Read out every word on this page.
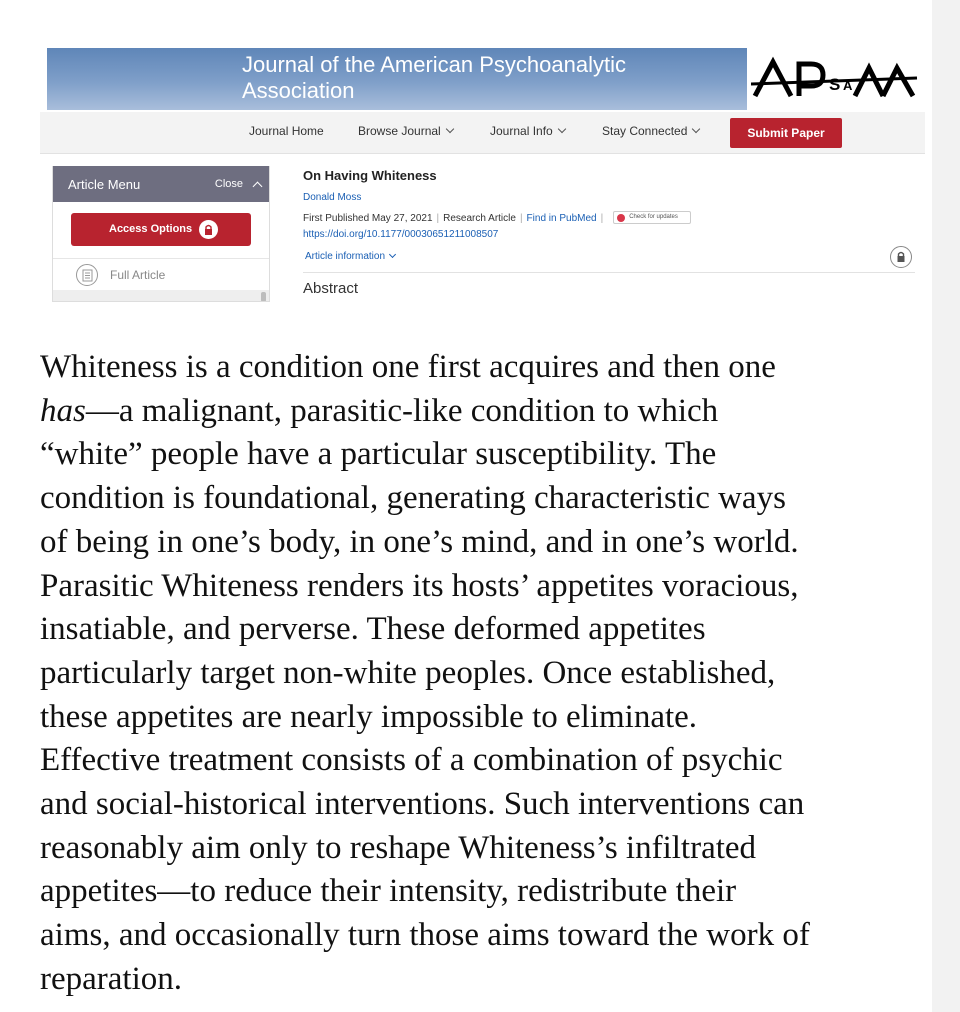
Journal of the American Psychoanalytic Association	S A
Journal Home	Browse Journal	Journal Info	Stay Connected	Submit Paper
Article Menu	Close
Access Options
Full Article
On Having Whiteness
Donald Moss
First Published May 27, 2021 | Research Article | Find in PubMed |	Check for updates
https://doi.org/10.1177/00030651211008507
Article information
Abstract

Whiteness is a condition one first acquires and then one

has—a malignant, parasitic-like condition to which

“white” people have a particular susceptibility. The

condition is foundational, generating characteristic ways

of being in one’s body, in one’s mind, and in one’s world.

Parasitic Whiteness renders its hosts’ appetites voracious,

insatiable, and perverse. These deformed appetites

particularly target non-white peoples. Once established,

these appetites are nearly impossible to eliminate.

Effective treatment consists of a combination of psychic

and social-historical interventions. Such interventions can

reasonably aim only to reshape Whiteness’s infiltrated

appetites—to reduce their intensity, redistribute their

aims, and occasionally turn those aims toward the work of

reparation.
